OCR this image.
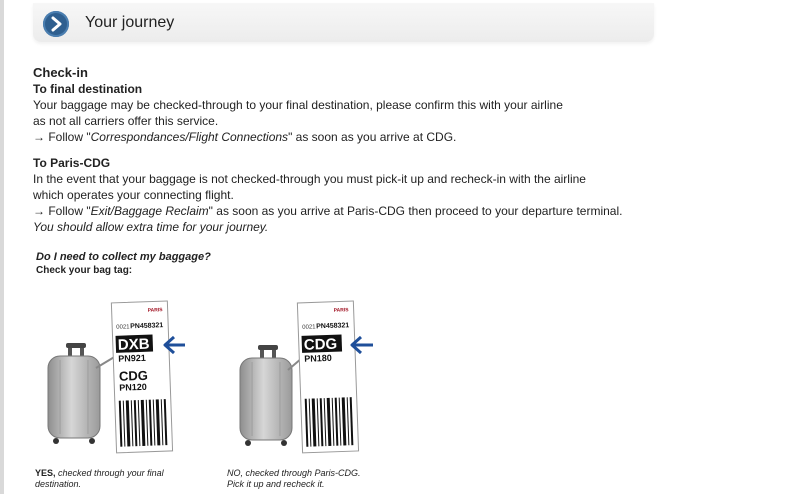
Your journey

Check-in

To final destination

Your baggage may be checked-through to your final destination, please confirm this with your airline

as not all carriers offer this service.

→ Follow "Correspondances/Flight Connections" as soon as you arrive at CDG.

To Paris-CDG

In the event that your baggage is not checked-through you must pick-it up and recheck-in with the airline

which operates your connecting flight.

→ Follow "Exit/Baggage Reclaim" as soon as you arrive at Paris-CDG then proceed to your departure terminal.

You should allow extra time for your journey.

Do I need to collect my baggage?
Check your bag tag:
PARIS
0021 PN458321
DXB
PN921
CDG
PN120
YES, checked through your final
destination.
PARIS
0021 PN458321
CDG
PN180
NO, checked through Paris-CDG.
Pick it up and recheck it.
